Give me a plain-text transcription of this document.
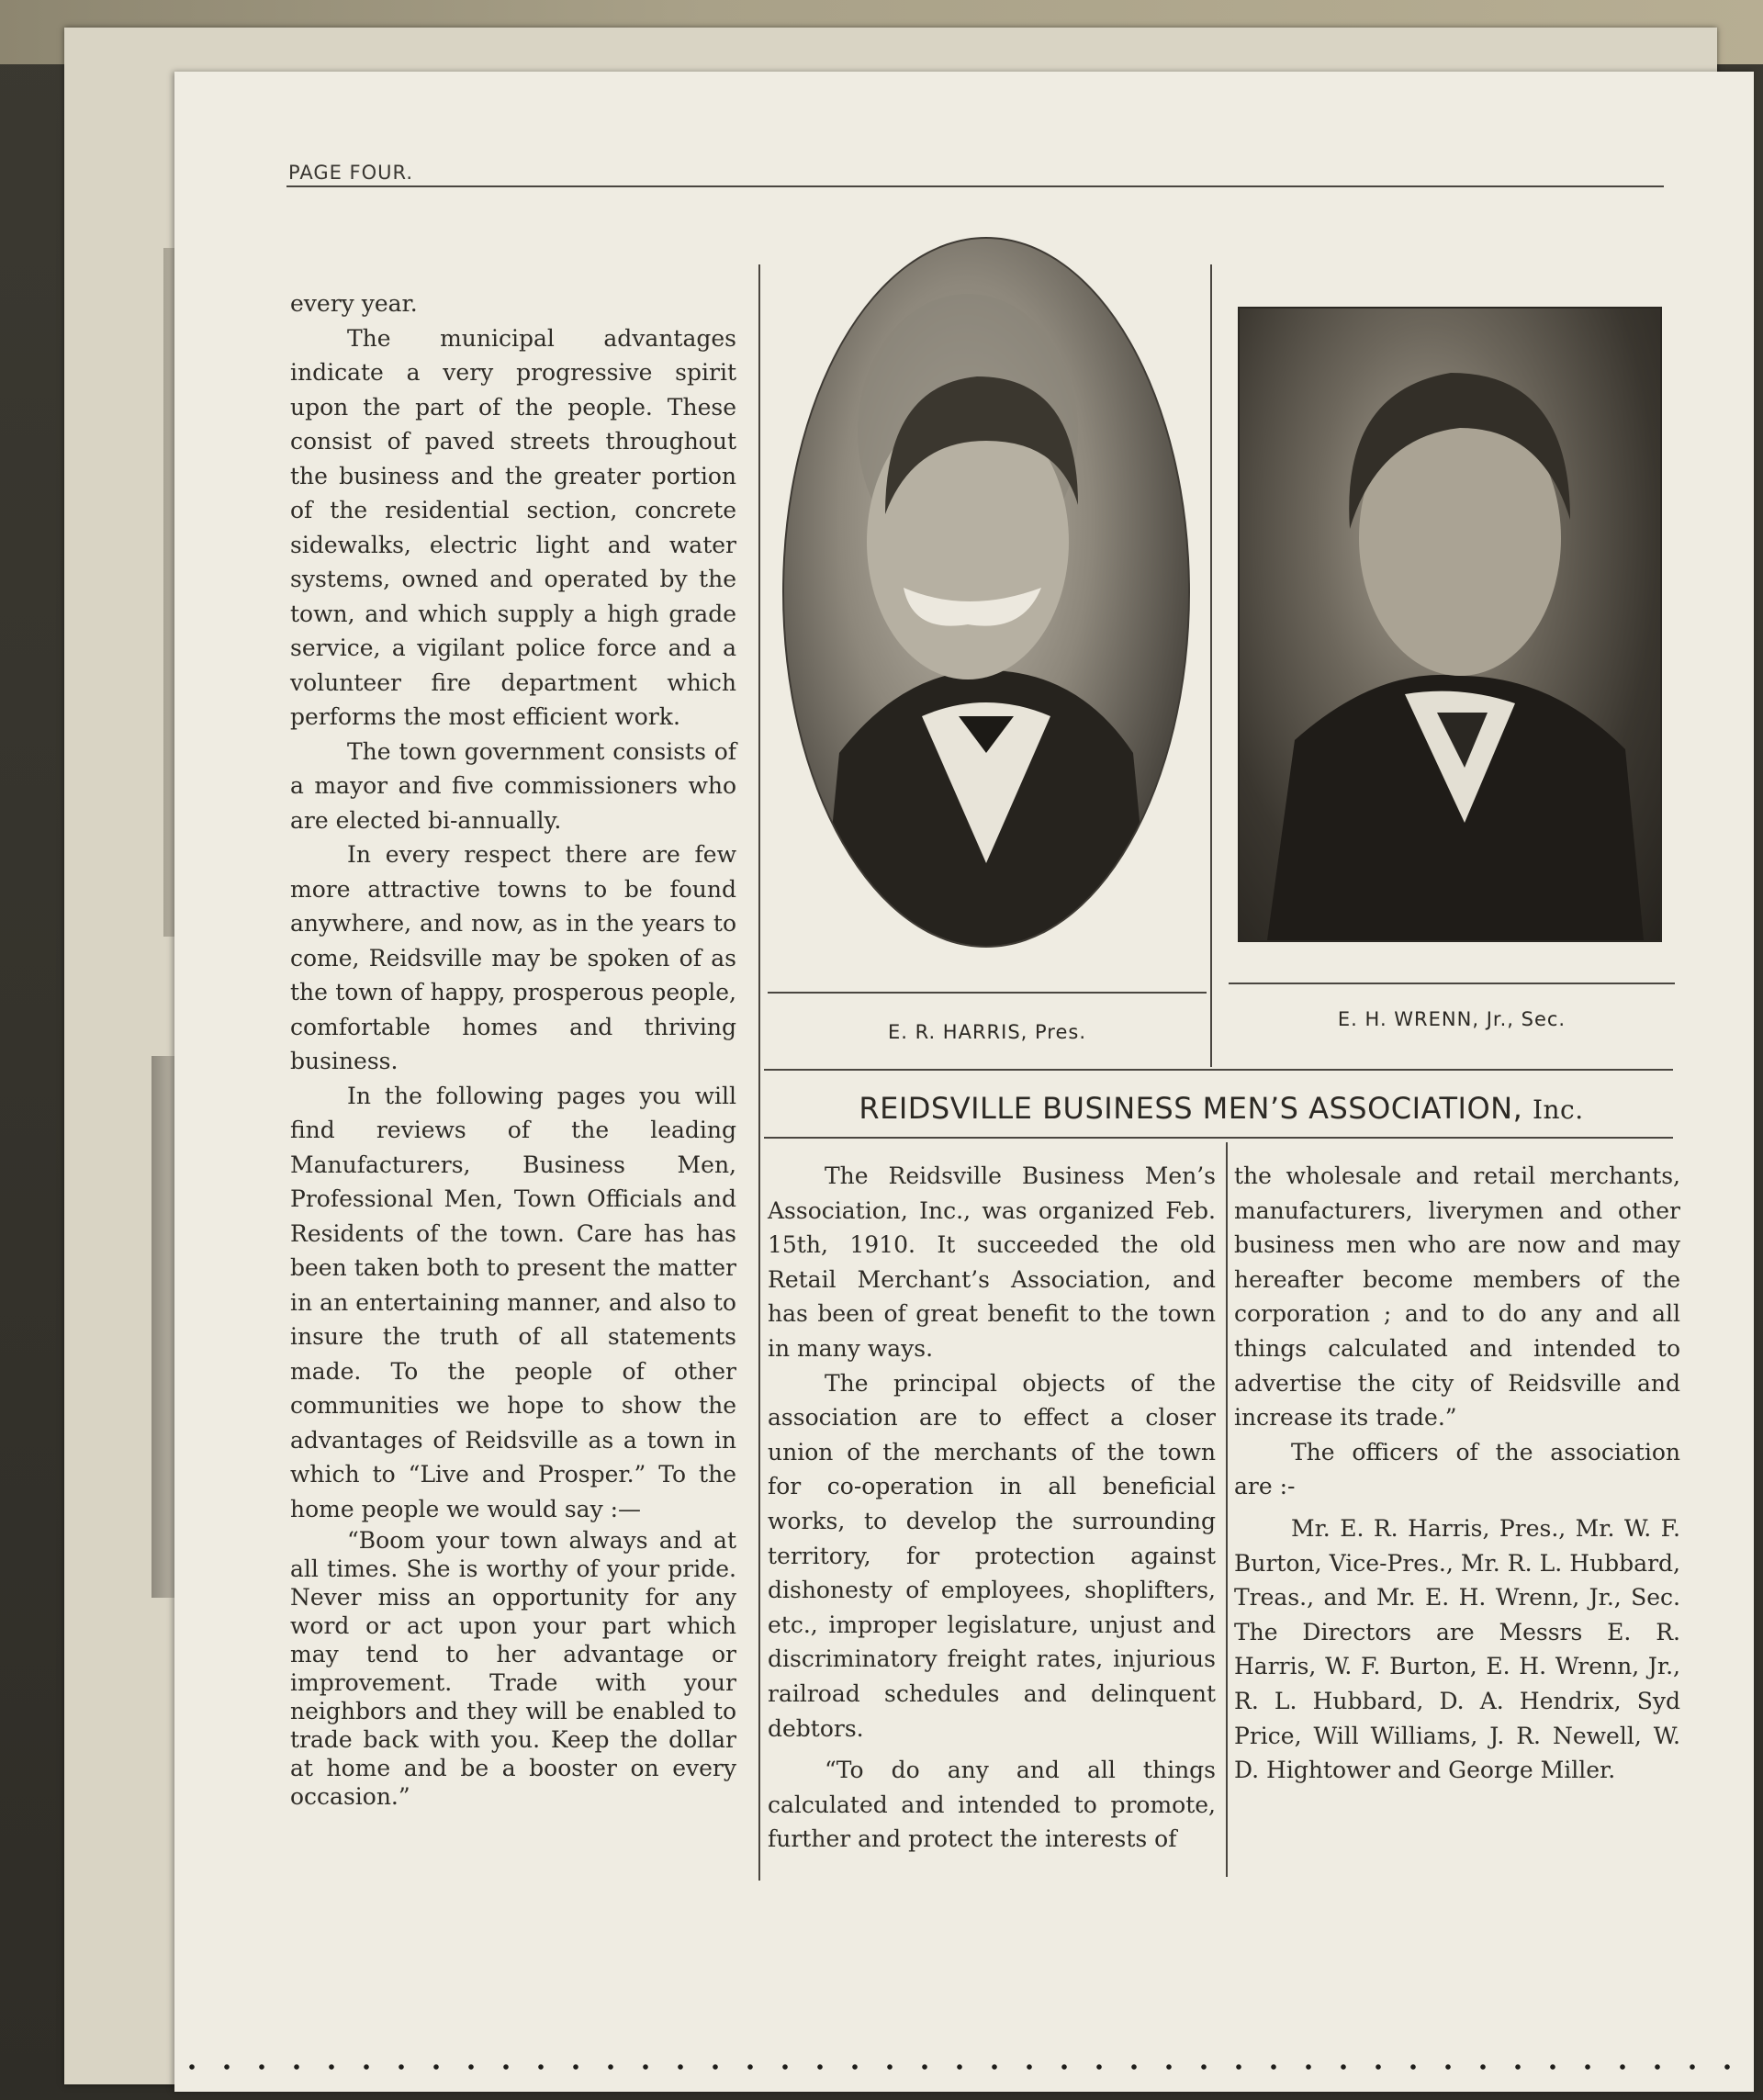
PAGE FOUR.

every year.

The municipal advantages indicate a very progressive spirit upon the part of the people. These consist of paved streets throughout the business and the greater portion of the residential section, concrete sidewalks, electric light and water systems, owned and operated by the town, and which supply a high grade service, a vigilant police force and a volunteer fire department which performs the most efficient work.

The town government consists of a mayor and five commissioners who are elected bi-annually.

In every respect there are few more attractive towns to be found anywhere, and now, as in the years to come, Reidsville may be spoken of as the town of happy, prosperous people, comfortable homes and thriving business.

In the following pages you will find reviews of the leading Manufacturers, Business Men, Professional Men, Town Officials and Residents of the town. Care has has been taken both to present the matter in an entertaining manner, and also to insure the truth of all statements made. To the people of other communities we hope to show the advantages of Reidsville as a town in which to “Live and Prosper.” To the home people we would say :—

“Boom your town always and at all times. She is worthy of your pride. Never miss an opportunity for any word or act upon your part which may tend to her advantage or improvement. Trade with your neighbors and they will be enabled to trade back with you. Keep the dollar at home and be a booster on every occasion.”

E. R. HARRIS, Pres.
E. H. WRENN, Jr., Sec.
REIDSVILLE BUSINESS MEN’S ASSOCIATION, Inc.

The Reidsville Business Men’s Association, Inc., was organized Feb. 15th, 1910. It succeeded the old Retail Merchant’s Association, and has been of great benefit to the town in many ways.

The principal objects of the association are to effect a closer union of the merchants of the town for co-operation in all beneficial works, to develop the surrounding territory, for protection against dishonesty of employees, shoplifters, etc., improper legislature, unjust and discriminatory freight rates, injurious railroad schedules and delinquent debtors.

“To do any and all things calculated and intended to promote, further and protect the interests of

the wholesale and retail merchants, manufacturers, liverymen and other business men who are now and may hereafter become members of the corporation ; and to do any and all things calculated and intended to advertise the city of Reidsville and increase its trade.”

The officers of the association are :-

Mr. E. R. Harris, Pres., Mr. W. F. Burton, Vice-Pres., Mr. R. L. Hubbard, Treas., and Mr. E. H. Wrenn, Jr., Sec. The Directors are Messrs E. R. Harris, W. F. Burton, E. H. Wrenn, Jr., R. L. Hubbard, D. A. Hendrix, Syd Price, Will Williams, J. R. Newell, W. D. Hightower and George Miller.
